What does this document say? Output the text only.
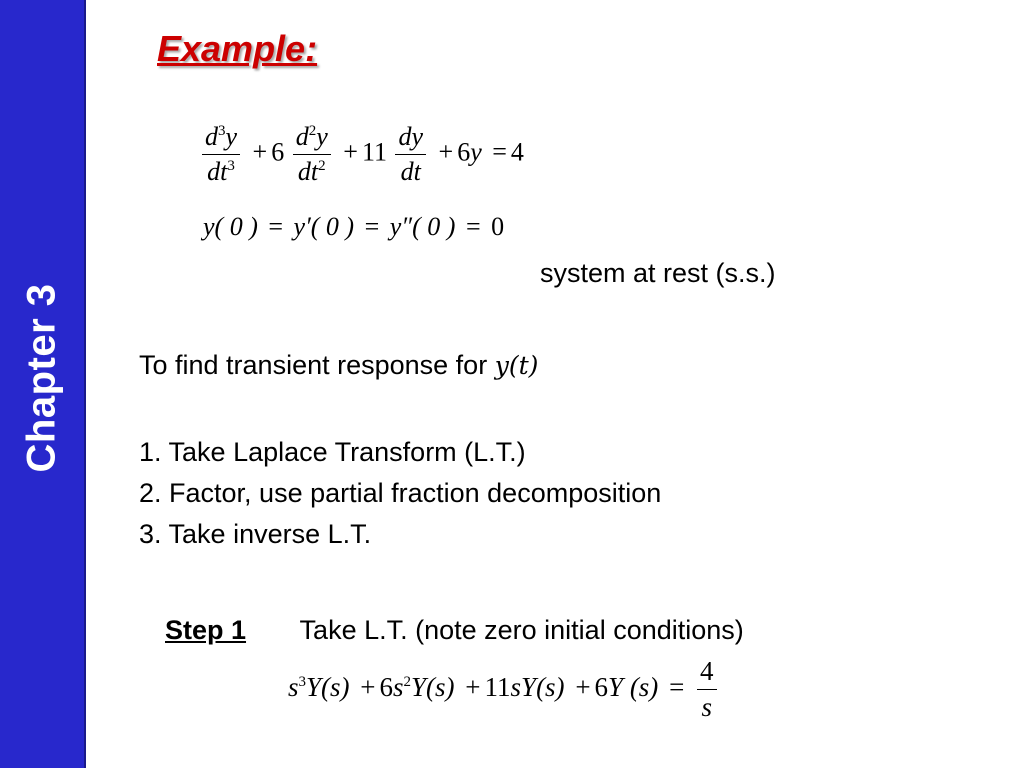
Chapter 3
Example:
$\frac{d^3y}{dt^3} + 6 \frac{d^2y}{dt^2} + 11 \frac{dy}{dt} + 6y = 4$
y( 0 ) = y′( 0 ) = y″( 0 ) = 0
system at rest (s.s.)
To find transient response for y(t)
1. Take Laplace Transform (L.T.)
2. Factor, use partial fraction decomposition
3. Take inverse L.T.
Step 1 Take L.T. (note zero initial conditions)
$s^3Y(s) + 6s^2Y(s) + 11sY(s) + 6Y$ $(s) = \frac{4}{s}$
